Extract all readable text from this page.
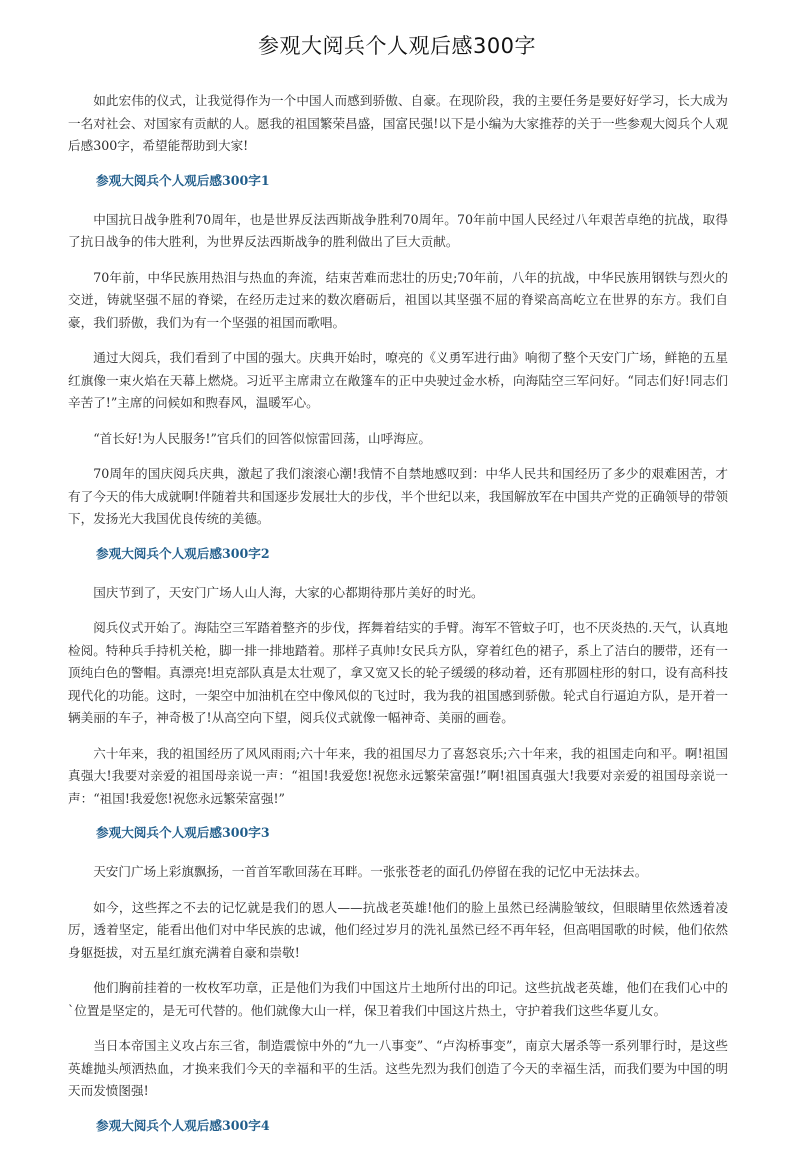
参观大阅兵个人观后感300字

如此宏伟的仪式，让我觉得作为一个中国人而感到骄傲、自豪。在现阶段，我的主要任务是要好好学习，长大成为一名对社会、对国家有贡献的人。愿我的祖国繁荣昌盛，国富民强!以下是小编为大家推荐的关于一些参观大阅兵个人观后感300字，希望能帮助到大家!

参观大阅兵个人观后感300字1

中国抗日战争胜利70周年，也是世界反法西斯战争胜利70周年。70年前中国人民经过八年艰苦卓绝的抗战，取得了抗日战争的伟大胜利，为世界反法西斯战争的胜利做出了巨大贡献。

70年前，中华民族用热泪与热血的奔流，结束苦难而悲壮的历史;70年前，八年的抗战，中华民族用钢铁与烈火的交迸，铸就坚强不屈的脊梁，在经历走过来的数次磨砺后，祖国以其坚强不屈的脊梁高高屹立在世界的东方。我们自豪，我们骄傲，我们为有一个坚强的祖国而歌唱。

通过大阅兵，我们看到了中国的强大。庆典开始时，嘹亮的《义勇军进行曲》响彻了整个天安门广场，鲜艳的五星红旗像一束火焰在天幕上燃烧。习近平主席肃立在敞篷车的正中央驶过金水桥，向海陆空三军问好。“同志们好!同志们辛苦了!”主席的问候如和煦春风，温暖军心。

“首长好!为人民服务!”官兵们的回答似惊雷回荡，山呼海应。

70周年的国庆阅兵庆典，激起了我们滚滚心潮!我情不自禁地感叹到：中华人民共和国经历了多少的艰难困苦，才有了今天的伟大成就啊!伴随着共和国逐步发展壮大的步伐，半个世纪以来，我国解放军在中国共产党的正确领导的带领下，发扬光大我国优良传统的美德。

参观大阅兵个人观后感300字2

国庆节到了，天安门广场人山人海，大家的心都期待那片美好的时光。

阅兵仪式开始了。海陆空三军踏着整齐的步伐，挥舞着结实的手臂。海军不管蚊子叮，也不厌炎热的.天气，认真地检阅。特种兵手持机关枪，脚一排一排地踏着。那样子真帅!女民兵方队，穿着红色的裙子，系上了洁白的腰带，还有一顶纯白色的警帽。真漂亮!坦克部队真是太壮观了，拿又宽又长的轮子缓缓的移动着，还有那圆柱形的射口，设有高科技现代化的功能。这时，一架空中加油机在空中像风似的飞过时，我为我的祖国感到骄傲。轮式自行逼迫方队，是开着一辆美丽的车子，神奇极了!从高空向下望，阅兵仪式就像一幅神奇、美丽的画卷。

六十年来，我的祖国经历了风风雨雨;六十年来，我的祖国尽力了喜怒哀乐;六十年来，我的祖国走向和平。啊!祖国真强大!我要对亲爱的祖国母亲说一声：“祖国!我爱您!祝您永远繁荣富强!”啊!祖国真强大!我要对亲爱的祖国母亲说一声：“祖国!我爱您!祝您永远繁荣富强!”

参观大阅兵个人观后感300字3

天安门广场上彩旗飘扬，一首首军歌回荡在耳畔。一张张苍老的面孔仍停留在我的记忆中无法抹去。

如今，这些挥之不去的记忆就是我们的恩人——抗战老英雄!他们的脸上虽然已经满脸皱纹，但眼睛里依然透着凌厉，透着坚定，能看出他们对中华民族的忠诚，他们经过岁月的洗礼虽然已经不再年轻，但高唱国歌的时候，他们依然身躯挺拔，对五星红旗充满着自豪和崇敬!

他们胸前挂着的一枚枚军功章，正是他们为我们中国这片土地所付出的印记。这些抗战老英雄，他们在我们心中的`位置是坚定的，是无可代替的。他们就像大山一样，保卫着我们中国这片热土，守护着我们这些华夏儿女。

当日本帝国主义攻占东三省，制造震惊中外的“九一八事变”、“卢沟桥事变”，南京大屠杀等一系列罪行时，是这些英雄抛头颅洒热血，才换来我们今天的幸福和平的生活。这些先烈为我们创造了今天的幸福生活，而我们要为中国的明天而发愤图强!

参观大阅兵个人观后感300字4
